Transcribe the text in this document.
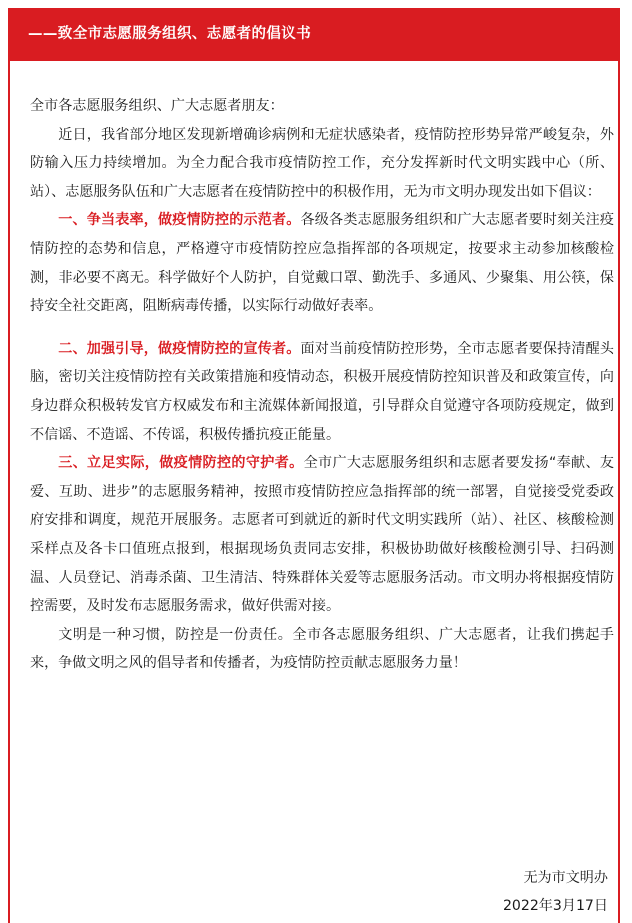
——致全市志愿服务组织、志愿者的倡议书

全市各志愿服务组织、广大志愿者朋友：

近日，我省部分地区发现新增确诊病例和无症状感染者，疫情防控形势异常严峻复杂，外防输入压力持续增加。为全力配合我市疫情防控工作，充分发挥新时代文明实践中心（所、站）、志愿服务队伍和广大志愿者在疫情防控中的积极作用，无为市文明办现发出如下倡议：

一、争当表率，做疫情防控的示范者。各级各类志愿服务组织和广大志愿者要时刻关注疫情防控的态势和信息，严格遵守市疫情防控应急指挥部的各项规定，按要求主动参加核酸检测，非必要不离无。科学做好个人防护，自觉戴口罩、勤洗手、多通风、少聚集、用公筷，保持安全社交距离，阻断病毒传播，以实际行动做好表率。

二、加强引导，做疫情防控的宣传者。面对当前疫情防控形势，全市志愿者要保持清醒头脑，密切关注疫情防控有关政策措施和疫情动态，积极开展疫情防控知识普及和政策宣传，向身边群众积极转发官方权威发布和主流媒体新闻报道，引导群众自觉遵守各项防疫规定，做到不信谣、不造谣、不传谣，积极传播抗疫正能量。

三、立足实际，做疫情防控的守护者。全市广大志愿服务组织和志愿者要发扬“奉献、友爱、互助、进步”的志愿服务精神，按照市疫情防控应急指挥部的统一部署，自觉接受党委政府安排和调度，规范开展服务。志愿者可到就近的新时代文明实践所（站）、社区、核酸检测采样点及各卡口值班点报到，根据现场负责同志安排，积极协助做好核酸检测引导、扫码测温、人员登记、消毒杀菌、卫生清洁、特殊群体关爱等志愿服务活动。市文明办将根据疫情防控需要，及时发布志愿服务需求，做好供需对接。

文明是一种习惯，防控是一份责任。全市各志愿服务组织、广大志愿者，让我们携起手来，争做文明之风的倡导者和传播者，为疫情防控贡献志愿服务力量！

无为市文明办
2022年3月17日
